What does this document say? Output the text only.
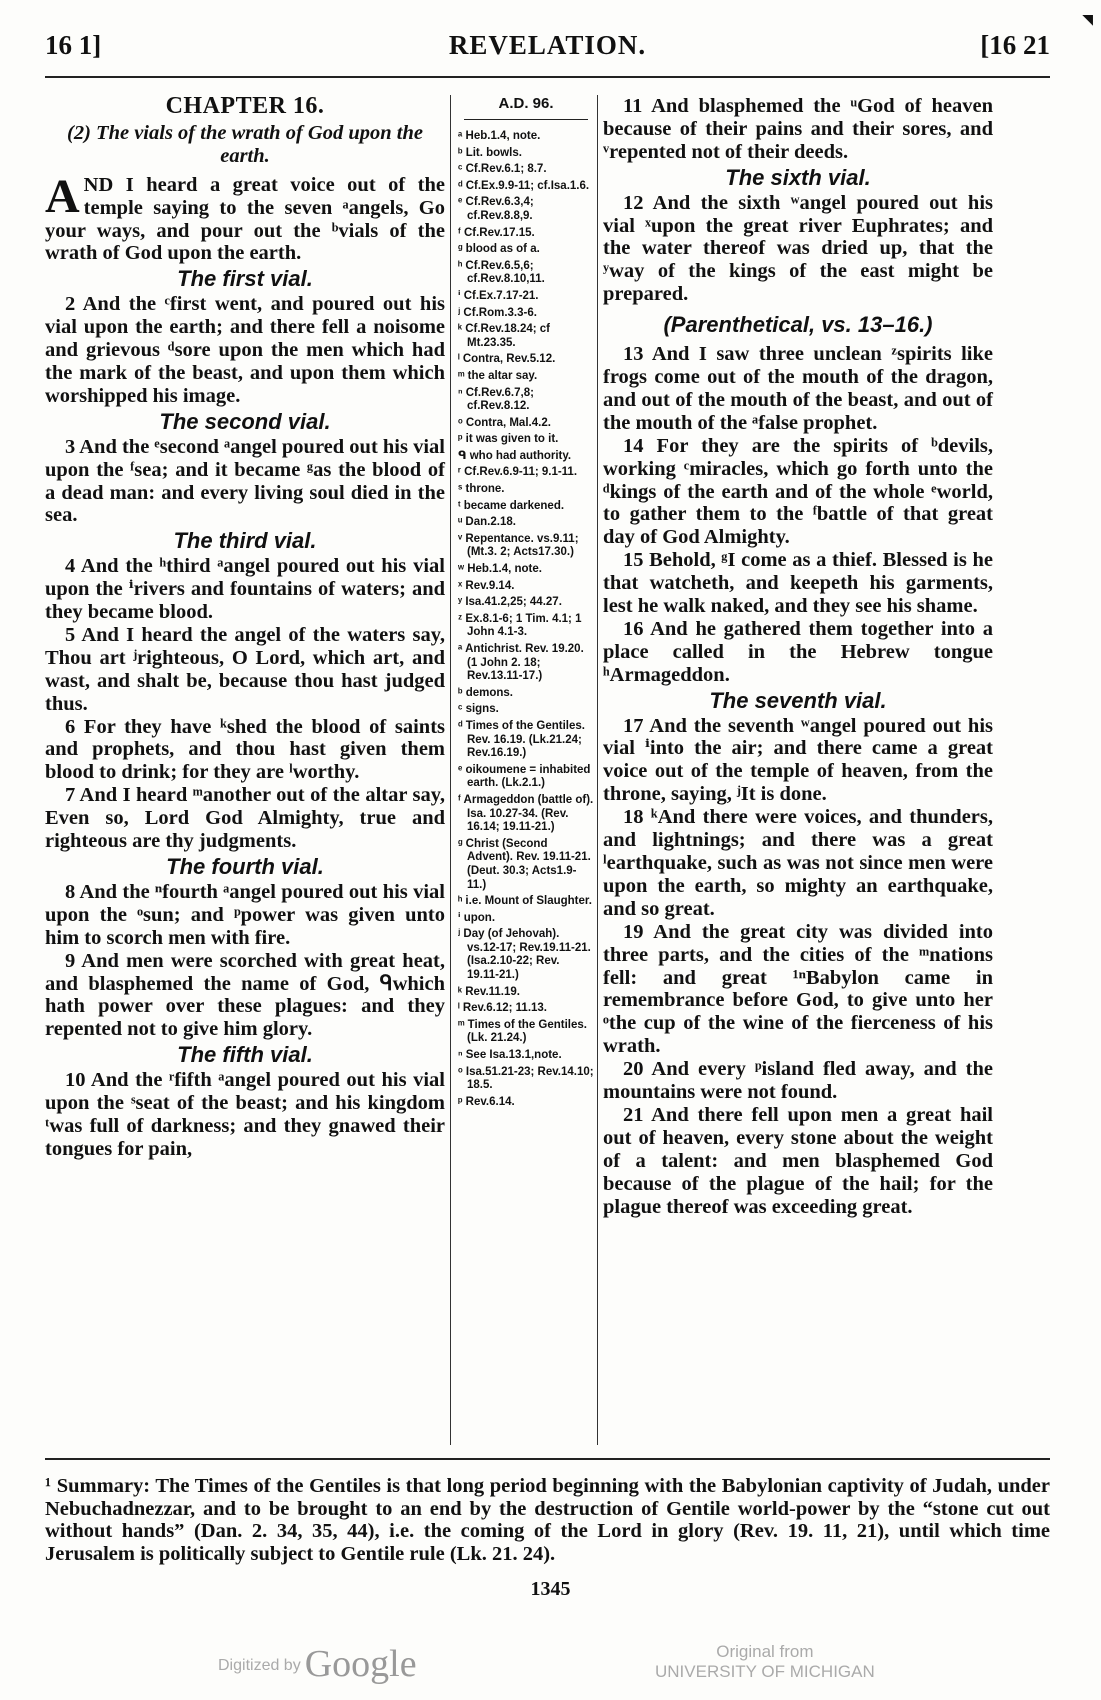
◥
16 1]	REVELATION.	[16 21
CHAPTER 16.
(2) The vials of the wrath of God upon the earth.

AND I heard a great voice out of the temple saying to the seven ᵃangels, Go your ways, and pour out the ᵇvials of the wrath of God upon the earth.

The first vial.

2 And the ᶜfirst went, and poured out his vial upon the earth; and there fell a noisome and grievous ᵈsore upon the men which had the mark of the beast, and upon them which worshipped his image.

The second vial.

3 And the ᵉsecond ᵃangel poured out his vial upon the ᶠsea; and it became ᵍas the blood of a dead man: and every living soul died in the sea.

The third vial.

4 And the ʰthird ᵃangel poured out his vial upon the ⁱrivers and fountains of waters; and they became blood.

5 And I heard the angel of the waters say, Thou art ʲrighteous, O Lord, which art, and wast, and shalt be, because thou hast judged thus.

6 For they have ᵏshed the blood of saints and prophets, and thou hast given them blood to drink; for they are ˡworthy.

7 And I heard ᵐanother out of the altar say, Even so, Lord God Almighty, true and righteous are thy judgments.

The fourth vial.

8 And the ⁿfourth ᵃangel poured out his vial upon the ᵒsun; and ᵖpower was given unto him to scorch men with fire.

9 And men were scorched with great heat, and blasphemed the name of God, ᑫwhich hath power over these plagues: and they repented not to give him glory.

The fifth vial.

10 And the ʳfifth ᵃangel poured out his vial upon the ˢseat of the beast; and his kingdom ᵗwas full of darkness; and they gnawed their tongues for pain,

A.D. 96.
ᵃ Heb.1.4, note.
ᵇ Lit. bowls.
ᶜ Cf.Rev.6.1; 8.7.
ᵈ Cf.Ex.9.9-11; cf.Isa.1.6.
ᵉ Cf.Rev.6.3,4; cf.Rev.8.8,9.
ᶠ Cf.Rev.17.15.
ᵍ blood as of a.
ʰ Cf.Rev.6.5,6; cf.Rev.8.10,11.
ⁱ Cf.Ex.7.17-21.
ʲ Cf.Rom.3.3-6.
ᵏ Cf.Rev.18.24; cf Mt.23.35.
ˡ Contra, Rev.5.12.
ᵐ the altar say.
ⁿ Cf.Rev.6.7,8; cf.Rev.8.12.
ᵒ Contra, Mal.4.2.
ᵖ it was given to it.
ᑫ who had authority.
ʳ Cf.Rev.6.9-11; 9.1-11.
ˢ throne.
ᵗ became darkened.
ᵘ Dan.2.18.
ᵛ Repentance. vs.9.11; (Mt.3. 2; Acts17.30.)
ʷ Heb.1.4, note.
ˣ Rev.9.14.
ʸ Isa.41.2,25; 44.27.
ᶻ Ex.8.1-6; 1 Tim. 4.1; 1 John 4.1-3.
ᵃ Antichrist. Rev. 19.20. (1 John 2. 18; Rev.13.11-17.)
ᵇ demons.
ᶜ signs.
ᵈ Times of the Gentiles. Rev. 16.19. (Lk.21.24; Rev.16.19.)
ᵉ oikoumene = inhabited earth. (Lk.2.1.)
ᶠ Armageddon (battle of). Isa. 10.27-34. (Rev. 16.14; 19.11-21.)
ᵍ Christ (Second Advent). Rev. 19.11-21. (Deut. 30.3; Acts1.9-11.)
ʰ i.e. Mount of Slaughter.
ⁱ upon.
ʲ Day (of Jehovah). vs.12-17; Rev.19.11-21. (Isa.2.10-22; Rev. 19.11-21.)
ᵏ Rev.11.19.
ˡ Rev.6.12; 11.13.
ᵐ Times of the Gentiles. (Lk. 21.24.)
ⁿ See Isa.13.1,note.
ᵒ Isa.51.21-23; Rev.14.10; 18.5.
ᵖ Rev.6.14.

11 And blasphemed the ᵘGod of heaven because of their pains and their sores, and ᵛrepented not of their deeds.

The sixth vial.

12 And the sixth ʷangel poured out his vial ˣupon the great river Euphrates; and the water thereof was dried up, that the ʸway of the kings of the east might be prepared.

(Parenthetical, vs. 13–16.)

13 And I saw three unclean ᶻspirits like frogs come out of the mouth of the dragon, and out of the mouth of the beast, and out of the mouth of the ᵃfalse prophet.

14 For they are the spirits of ᵇdevils, working ᶜmiracles, which go forth unto the ᵈkings of the earth and of the whole ᵉworld, to gather them to the ᶠbattle of that great day of God Almighty.

15 Behold, ᵍI come as a thief. Blessed is he that watcheth, and keepeth his garments, lest he walk naked, and they see his shame.

16 And he gathered them together into a place called in the Hebrew tongue ʰArmageddon.

The seventh vial.

17 And the seventh ʷangel poured out his vial ⁱinto the air; and there came a great voice out of the temple of heaven, from the throne, saying, ʲIt is done.

18 ᵏAnd there were voices, and thunders, and lightnings; and there was a great ˡearthquake, such as was not since men were upon the earth, so mighty an earthquake, and so great.

19 And the great city was divided into three parts, and the cities of the ᵐnations fell: and great ¹ⁿBabylon came in remembrance before God, to give unto her ᵒthe cup of the wine of the fierceness of his wrath.

20 And every ᵖisland fled away, and the mountains were not found.

21 And there fell upon men a great hail out of heaven, every stone about the weight of a talent: and men blasphemed God because of the plague of the hail; for the plague thereof was exceeding great.

¹ Summary: The Times of the Gentiles is that long period beginning with the Babylonian captivity of Judah, under Nebuchadnezzar, and to be brought to an end by the destruction of Gentile world-power by the “stone cut out without hands” (Dan. 2. 34, 35, 44), i.e. the coming of the Lord in glory (Rev. 19. 11, 21), until which time Jerusalem is politically subject to Gentile rule (Lk. 21. 24).
1345
Digitized by Google	Original from
UNIVERSITY OF MICHIGAN
